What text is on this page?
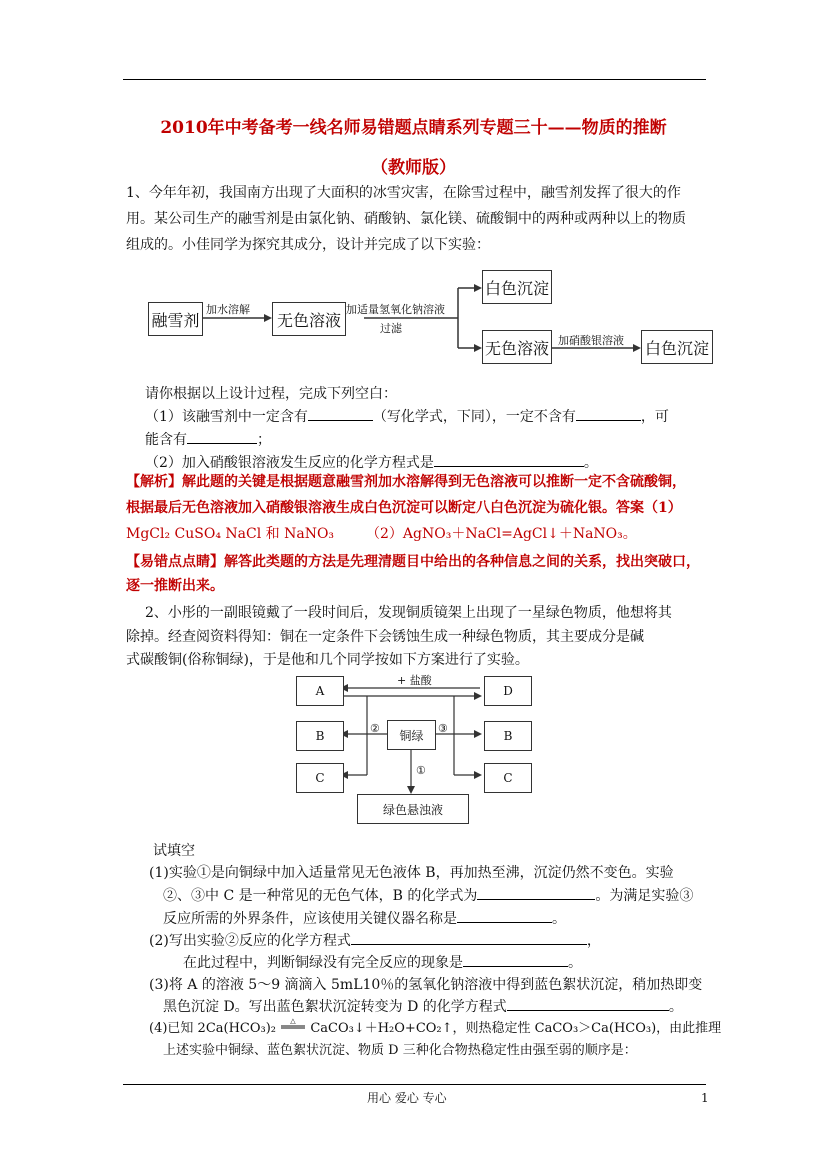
2010年中考备考一线名师易错题点睛系列专题三十——物质的推断
（教师版）
1、今年年初，我国南方出现了大面积的冰雪灾害，在除雪过程中，融雪剂发挥了很大的作
用。某公司生产的融雪剂是由氯化钠、硝酸钠、氯化镁、硫酸铜中的两种或两种以上的物质
组成的。小佳同学为探究其成分，设计并完成了以下实验：
融雪剂
加水溶解
无色溶液
加适量氢氧化钠溶液
过滤
白色沉淀
无色溶液 加硝酸银溶液 白色沉淀
请你根据以上设计过程，完成下列空白：
（1）该融雪剂中一定含有	（写化学式，下同），一定不含有	，可
能含有	；
（2）加入硝酸银溶液发生反应的化学方程式是	。
【解析】解此题的关键是根据题意融雪剂加水溶解得到无色溶液可以推断一定不含硫酸铜，
根据最后无色溶液加入硝酸银溶液生成白色沉淀可以断定八白色沉淀为硫化银。答案（1）
MgCl₂ CuSO₄ NaCl 和 NaNO₃ （2）AgNO₃＋NaCl=AgCl↓＋NaNO₃。
【易错点点睛】解答此类题的方法是先理清题目中给出的各种信息之间的关系，找出突破口，
逐一推断出来。
2、小彤的一副眼镜戴了一段时间后，发现铜质镜架上出现了一星绿色物质，他想将其
除掉。经查阅资料得知：铜在一定条件下会锈蚀生成一种绿色物质，其主要成分是碱
式碳酸铜(俗称铜绿)，于是他和几个同学按如下方案进行了实验。
A
B
C
D
B
C
铜绿
绿色悬浊液
+ 盐酸
②	③
①
试填空
(1)实验①是向铜绿中加入适量常见无色液体 B，再加热至沸，沉淀仍然不变色。实验
②、③中 C 是一种常见的无色气体，B 的化学式为	。为满足实验③
反应所需的外界条件，应该使用关键仪器名称是	。
(2)写出实验②反应的化学方程式	，
在此过程中，判断铜绿没有完全反应的现象是	。
(3)将 A 的溶液 5～9 滴滴入 5mL10％的氢氧化钠溶液中得到蓝色絮状沉淀，稍加热即变
黑色沉淀 D。写出蓝色絮状沉淀转变为 D 的化学方程式	。
(4)已知 2Ca(HCO₃)₂ △ CaCO₃↓＋H₂O+CO₂↑，则热稳定性 CaCO₃＞Ca(HCO₃)，由此推理
上述实验中铜绿、蓝色絮状沉淀、物质 D 三种化合物热稳定性由强至弱的顺序是：
用心 爱心 专心	1
